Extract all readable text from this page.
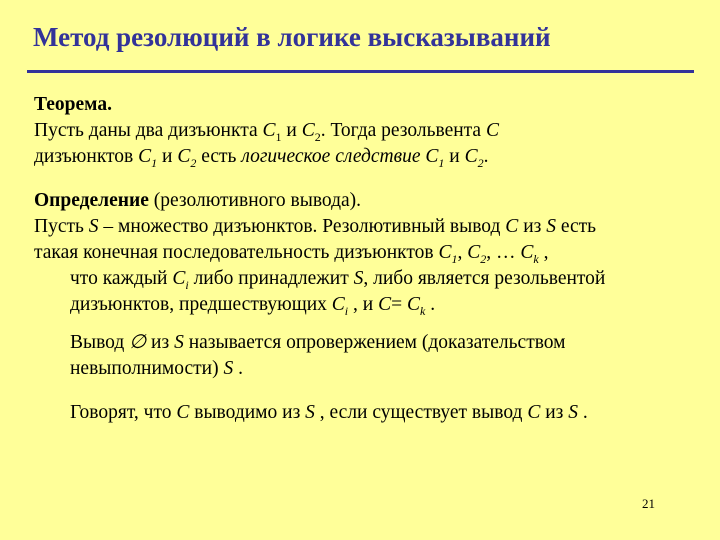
Метод резолюций в логике высказываний

Теорема.

Пусть даны два дизъюнкта $C_1$ и $C_2$. Тогда резольвента C

дизъюнктов $C_1$ и $C_2$ есть логическое следствие $C_1$ и $C_2$.

Определение (резолютивного вывода).

Пусть S – множество дизъюнктов. Резолютивный вывод C из S есть

такая конечная последовательность дизъюнктов $C_1$, $C_2$, … $C_k$ ,

что каждый $C_i$ либо принадлежит S, либо является резольвентой

дизъюнктов, предшествующих $C_i$ , и $C= C_k$ .

Вывод ∅ из S называется опровержением (доказательством

невыполнимости) S .

Говорят, что C выводимо из S , если существует вывод C из S .

21
